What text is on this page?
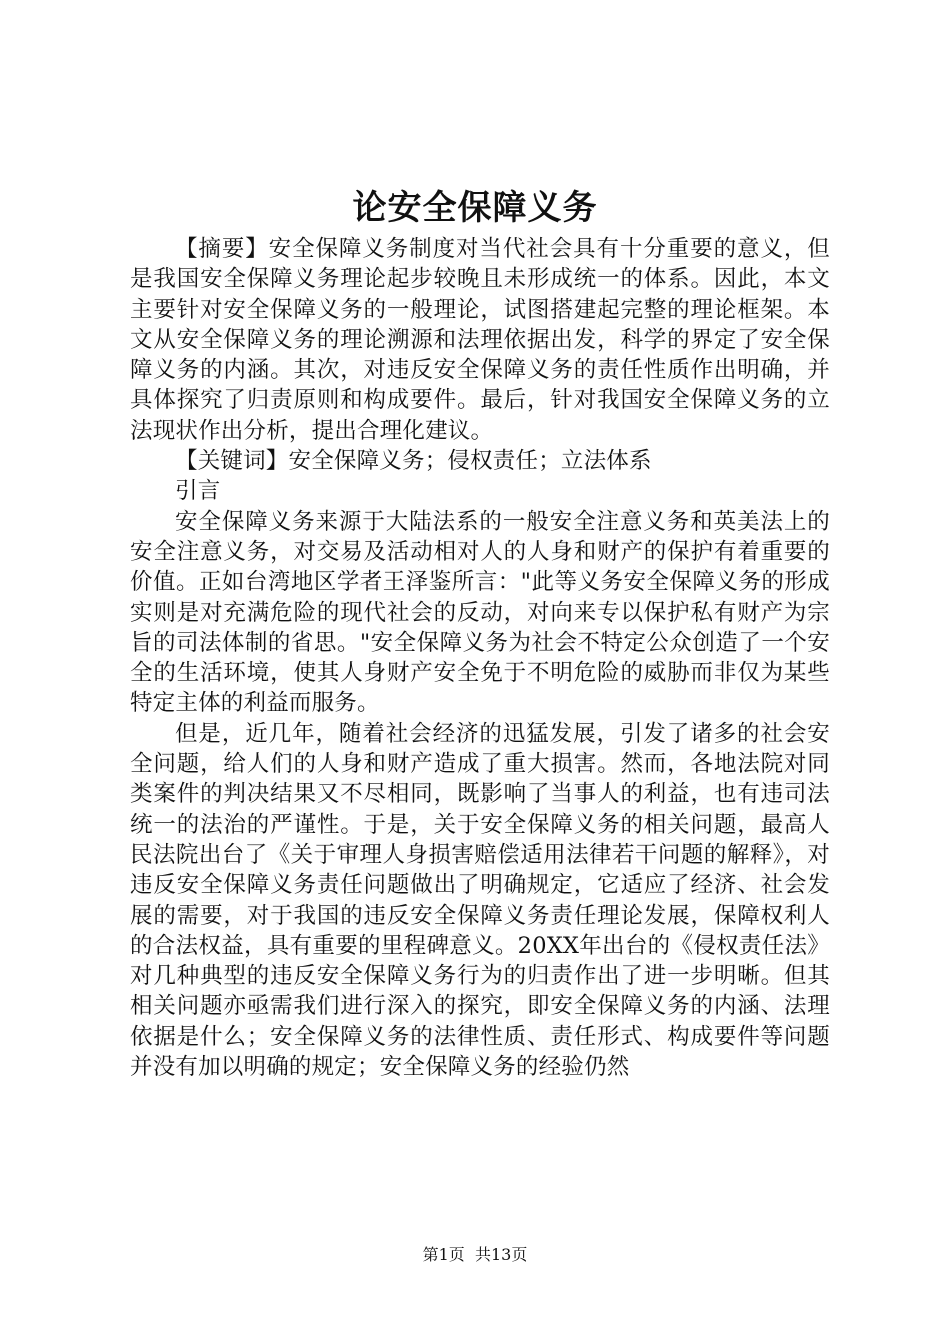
论安全保障义务

【摘要】安全保障义务制度对当代社会具有十分重要的意义，但是我国安全保障义务理论起步较晚且未形成统一的体系。因此，本文主要针对安全保障义务的一般理论，试图搭建起完整的理论框架。本文从安全保障义务的理论溯源和法理依据出发，科学的界定了安全保障义务的内涵。其次，对违反安全保障义务的责任性质作出明确，并具体探究了归责原则和构成要件。最后，针对我国安全保障义务的立法现状作出分析，提出合理化建议。

【关键词】安全保障义务；侵权责任；立法体系

引言

安全保障义务来源于大陆法系的一般安全注意义务和英美法上的安全注意义务，对交易及活动相对人的人身和财产的保护有着重要的价值。正如台湾地区学者王泽鉴所言："此等义务安全保障义务的形成实则是对充满危险的现代社会的反动，对向来专以保护私有财产为宗旨的司法体制的省思。"安全保障义务为社会不特定公众创造了一个安全的生活环境，使其人身财产安全免于不明危险的威胁而非仅为某些特定主体的利益而服务。

但是，近几年，随着社会经济的迅猛发展，引发了诸多的社会安全问题，给人们的人身和财产造成了重大损害。然而，各地法院对同类案件的判决结果又不尽相同，既影响了当事人的利益，也有违司法统一的法治的严谨性。于是，关于安全保障义务的相关问题，最高人民法院出台了《关于审理人身损害赔偿适用法律若干问题的解释》，对违反安全保障义务责任问题做出了明确规定，它适应了经济、社会发展的需要，对于我国的违反安全保障义务责任理论发展，保障权利人的合法权益，具有重要的里程碑意义。20XX年出台的《侵权责任法》对几种典型的违反安全保障义务行为的归责作出了进一步明晰。但其相关问题亦亟需我们进行深入的探究，即安全保障义务的内涵、法理依据是什么；安全保障义务的法律性质、责任形式、构成要件等问题并没有加以明确的规定；安全保障义务的经验仍然

第1页 共13页
